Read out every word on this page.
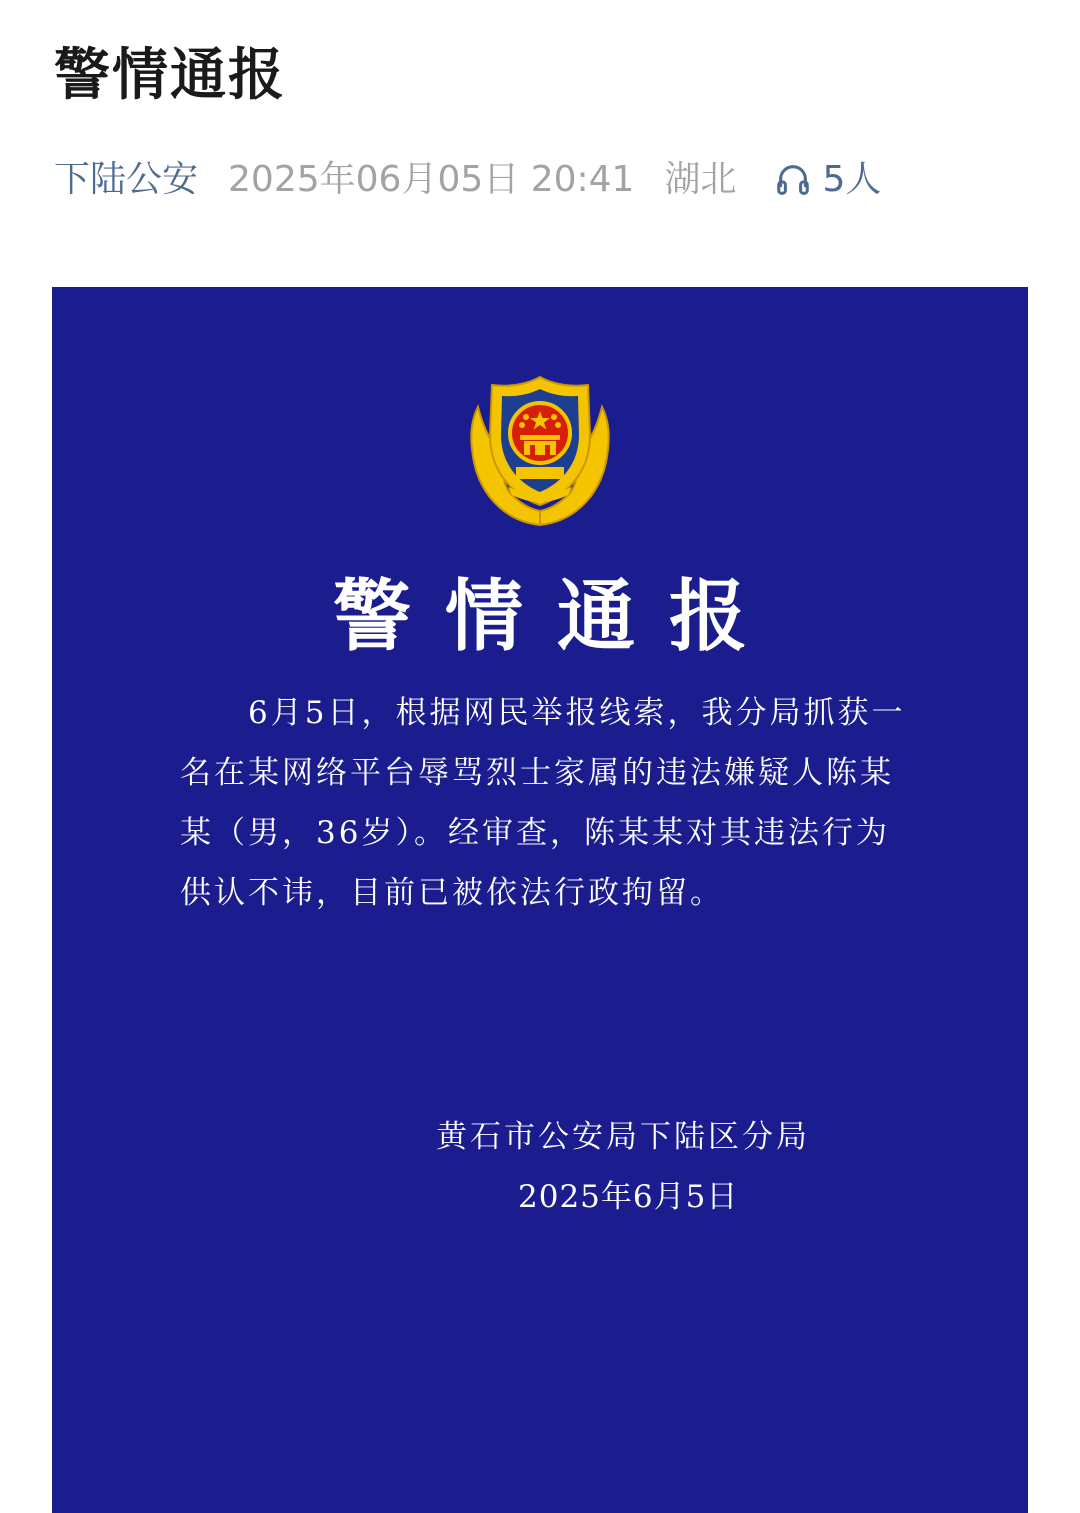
警情通报
下陆公安 2025年06月05日 20:41 湖北 5人
警情通报

6月5日，根据网民举报线索，我分局抓获一名在某网络平台辱骂烈士家属的违法嫌疑人陈某某（男，36岁）。经审查，陈某某对其违法行为供认不讳，目前已被依法行政拘留。

黄石市公安局下陆区分局
2025年6月5日
